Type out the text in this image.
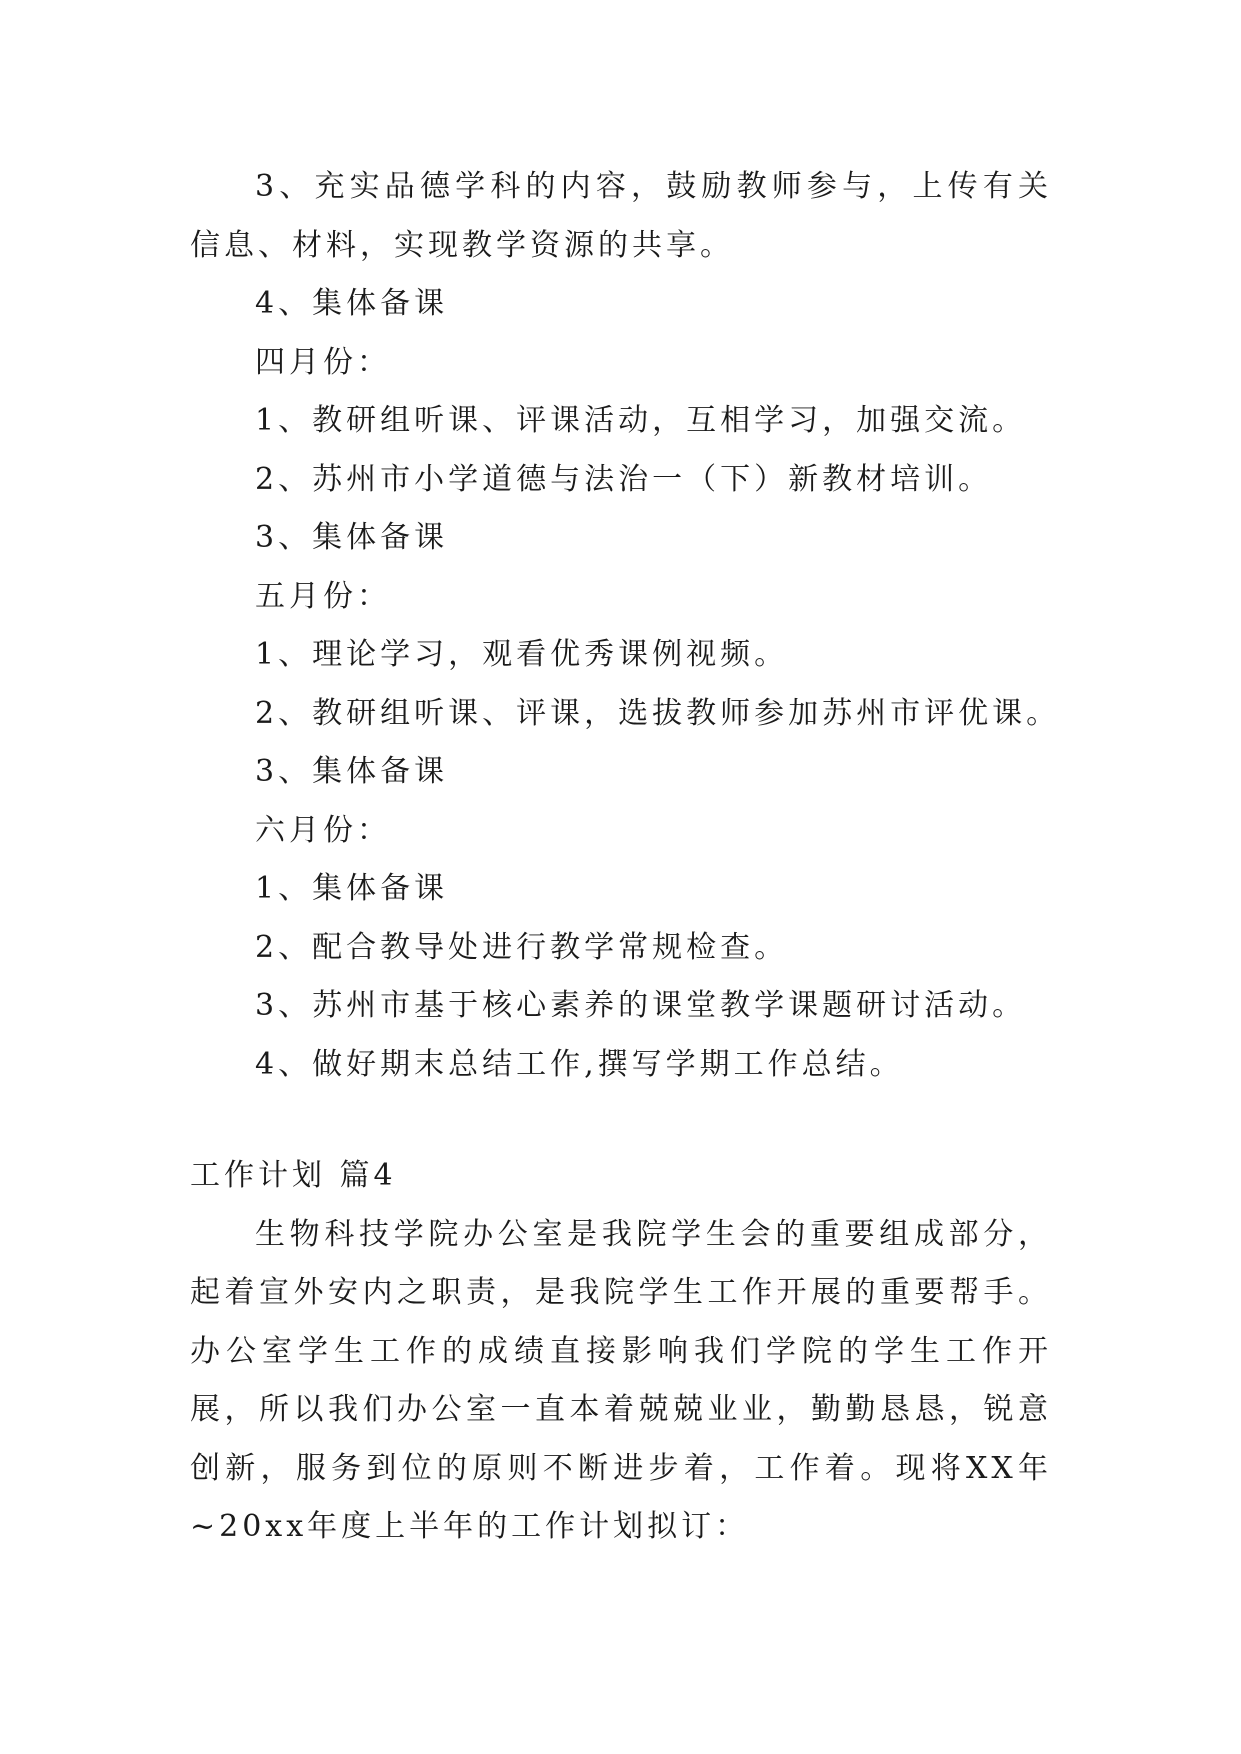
3、充实品德学科的内容，鼓励教师参与，上传有关信息、材料，实现教学资源的共享。
4、集体备课
四月份：
1、教研组听课、评课活动，互相学习，加强交流。
2、苏州市小学道德与法治一（下）新教材培训。
3、集体备课
五月份：
1、理论学习，观看优秀课例视频。
2、教研组听课、评课，选拔教师参加苏州市评优课。
3、集体备课
六月份：
1、集体备课
2、配合教导处进行教学常规检查。
3、苏州市基于核心素养的课堂教学课题研讨活动。
4、做好期末总结工作,撰写学期工作总结。
工作计划 篇4
生物科技学院办公室是我院学生会的重要组成部分，起着宣外安内之职责，是我院学生工作开展的重要帮手。办公室学生工作的成绩直接影响我们学院的学生工作开展，所以我们办公室一直本着兢兢业业，勤勤恳恳，锐意创新，服务到位的原则不断进步着，工作着。现将XX年~20xx年度上半年的工作计划拟订：
